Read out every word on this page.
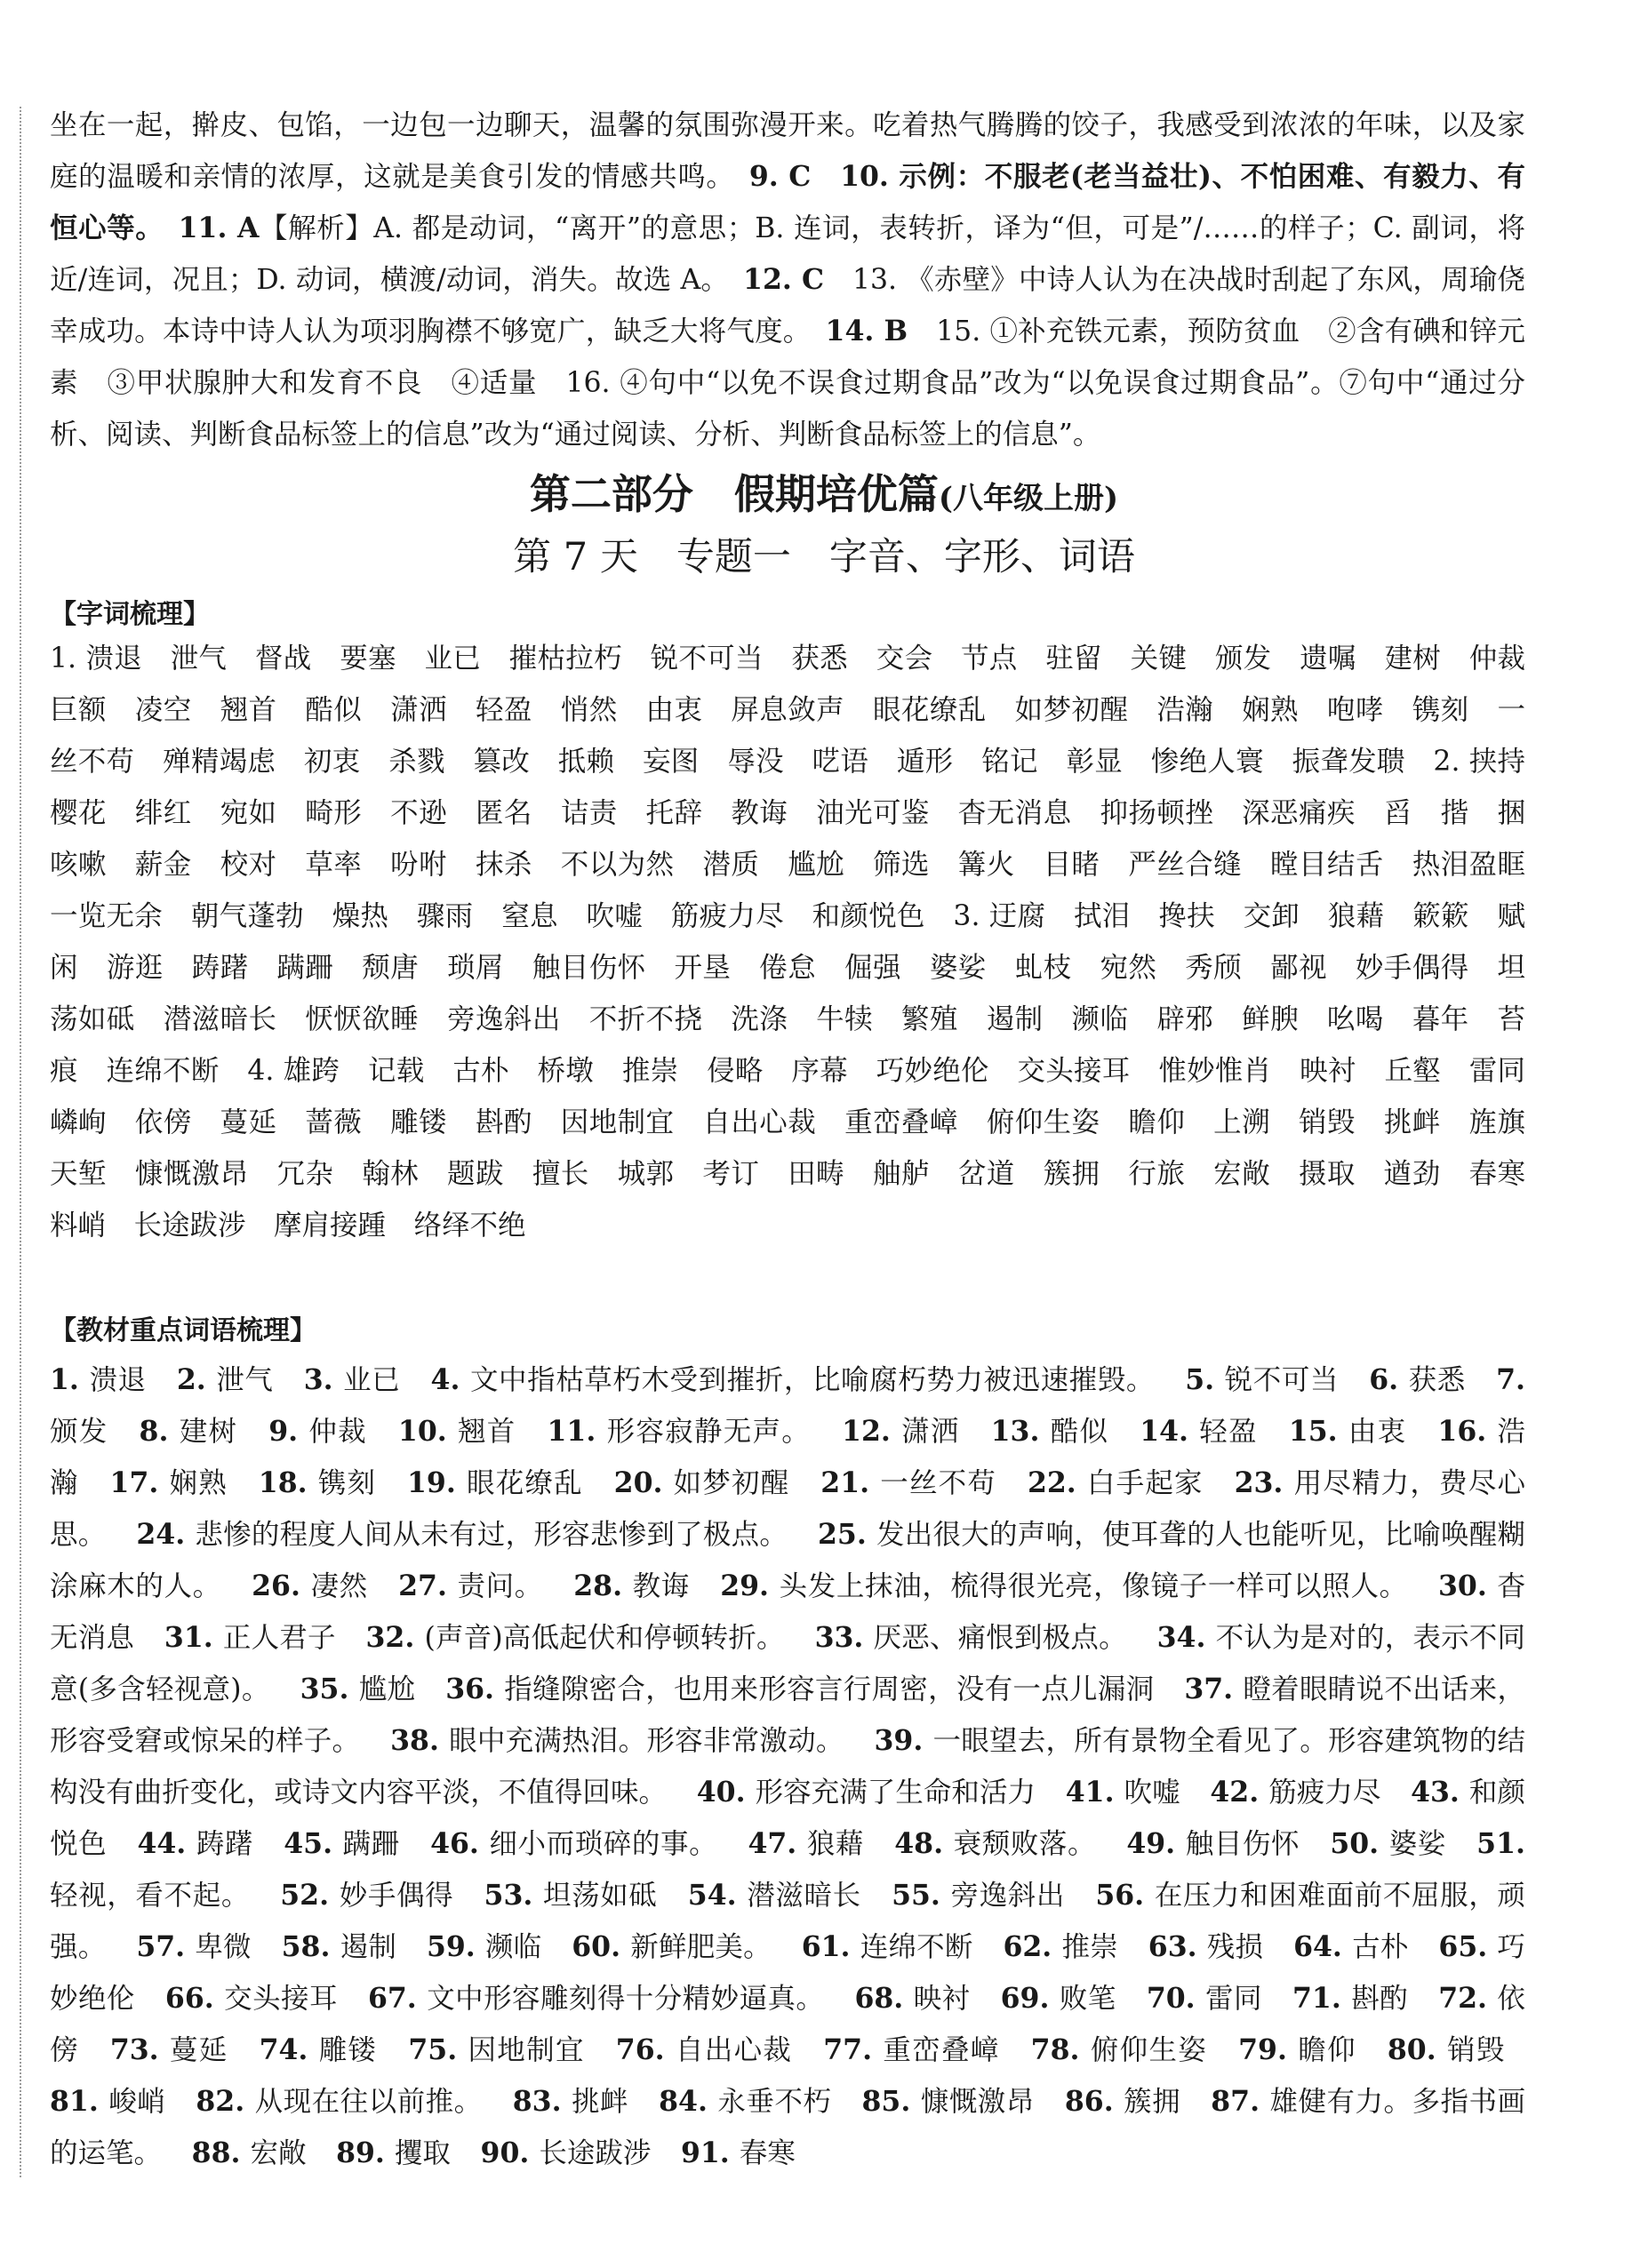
坐在一起，擀皮、包馅，一边包一边聊天，温馨的氛围弥漫开来。吃着热气腾腾的饺子，我感受到浓浓的年味，以及家庭的温暖和亲情的浓厚，这就是美食引发的情感共鸣。　 9. C　 10. 示例：不服老(老当益壮)、不怕困难、有毅力、有恒心等。　 11. A【解析】A. 都是动词，“离开”的意思；B. 连词，表转折，译为“但，可是”/……的样子；C. 副词，将近/连词，况且；D. 动词，横渡/动词，消失。故选 A。　 12. C　 13. 《赤壁》中诗人认为在决战时刮起了东风，周瑜侥幸成功。本诗中诗人认为项羽胸襟不够宽广，缺乏大将气度。　 14. B　 15. ①补充铁元素，预防贫血　②含有碘和锌元素　③甲状腺肿大和发育不良　④适量　 16. ④句中“以免不误食过期食品”改为“以免误食过期食品”。⑦句中“通过分析、阅读、判断食品标签上的信息”改为“通过阅读、分析、判断食品标签上的信息”。

第二部分　假期培优篇(八年级上册)
第 7 天　专题一　字音、字形、词语

【字词梳理】

1. 溃退　泄气　督战　要塞　业已　摧枯拉朽　锐不可当　获悉　交会　节点　驻留　关键　颁发　遗嘱　建树　仲裁　巨额　凌空　翘首　酷似　潇洒　轻盈　悄然　由衷　屏息敛声　眼花缭乱　如梦初醒　浩瀚　娴熟　咆哮　镌刻　一丝不苟　殚精竭虑　初衷　杀戮　篡改　抵赖　妄图　辱没　呓语　遁形　铭记　彰显　惨绝人寰　振聋发聩　2. 挟持　樱花　绯红　宛如　畸形　不逊　匿名　诘责　托辞　教诲　油光可鉴　杳无消息　抑扬顿挫　深恶痛疾　舀　揩　捆　咳嗽　薪金　校对　草率　吩咐　抹杀　不以为然　潜质　尴尬　筛选　篝火　目睹　严丝合缝　瞠目结舌　热泪盈眶　一览无余　朝气蓬勃　燥热　骤雨　窒息　吹嘘　筋疲力尽　和颜悦色　3. 迂腐　拭泪　搀扶　交卸　狼藉　簌簌　赋闲　游逛　踌躇　蹒跚　颓唐　琐屑　触目伤怀　开垦　倦怠　倔强　婆娑　虬枝　宛然　秀颀　鄙视　妙手偶得　坦荡如砥　潜滋暗长　恹恹欲睡　旁逸斜出　不折不挠　洗涤　牛犊　繁殖　遏制　濒临　辟邪　鲜腴　吆喝　暮年　苔痕　连绵不断　4. 雄跨　记载　古朴　桥墩　推崇　侵略　序幕　巧妙绝伦　交头接耳　惟妙惟肖　映衬　丘壑　雷同　嶙峋　依傍　蔓延　蔷薇　雕镂　斟酌　因地制宜　自出心裁　重峦叠嶂　俯仰生姿　瞻仰　上溯　销毁　挑衅　旌旗　天堑　慷慨激昂　冗杂　翰林　题跋　擅长　城郭　考订　田畴　舳舻　岔道　簇拥　行旅　宏敞　摄取　遒劲　春寒料峭　长途跋涉　摩肩接踵　络绎不绝

【教材重点词语梳理】

1. 溃退 2. 泄气 3. 业已 4. 文中指枯草朽木受到摧折，比喻腐朽势力被迅速摧毁。 5. 锐不可当 6. 获悉 7. 颁发 8. 建树 9. 仲裁 10. 翘首 11. 形容寂静无声。 12. 潇洒 13. 酷似 14. 轻盈 15. 由衷 16. 浩瀚 17. 娴熟 18. 镌刻 19. 眼花缭乱 20. 如梦初醒 21. 一丝不苟 22. 白手起家 23. 用尽精力，费尽心思。 24. 悲惨的程度人间从未有过，形容悲惨到了极点。 25. 发出很大的声响，使耳聋的人也能听见，比喻唤醒糊涂麻木的人。 26. 凄然 27. 责问。 28. 教诲 29. 头发上抹油，梳得很光亮，像镜子一样可以照人。 30. 杳无消息 31. 正人君子 32. (声音)高低起伏和停顿转折。 33. 厌恶、痛恨到极点。 34. 不认为是对的，表示不同意(多含轻视意)。 35. 尴尬 36. 指缝隙密合，也用来形容言行周密，没有一点儿漏洞 37. 瞪着眼睛说不出话来，形容受窘或惊呆的样子。 38. 眼中充满热泪。形容非常激动。 39. 一眼望去，所有景物全看见了。形容建筑物的结构没有曲折变化，或诗文内容平淡，不值得回味。 40. 形容充满了生命和活力 41. 吹嘘 42. 筋疲力尽 43. 和颜悦色 44. 踌躇 45. 蹒跚 46. 细小而琐碎的事。 47. 狼藉 48. 衰颓败落。 49. 触目伤怀 50. 婆娑 51. 轻视，看不起。 52. 妙手偶得 53. 坦荡如砥 54. 潜滋暗长 55. 旁逸斜出 56. 在压力和困难面前不屈服，顽强。 57. 卑微 58. 遏制 59. 濒临 60. 新鲜肥美。 61. 连绵不断 62. 推崇 63. 残损 64. 古朴 65. 巧妙绝伦 66. 交头接耳 67. 文中形容雕刻得十分精妙逼真。 68. 映衬 69. 败笔 70. 雷同 71. 斟酌 72. 依傍 73. 蔓延 74. 雕镂 75. 因地制宜 76. 自出心裁 77. 重峦叠嶂 78. 俯仰生姿 79. 瞻仰 80. 销毁 81. 峻峭 82. 从现在往以前推。 83. 挑衅 84. 永垂不朽 85. 慷慨激昂 86. 簇拥 87. 雄健有力。多指书画的运笔。 88. 宏敞 89. 攫取 90. 长途跋涉 91. 春寒
